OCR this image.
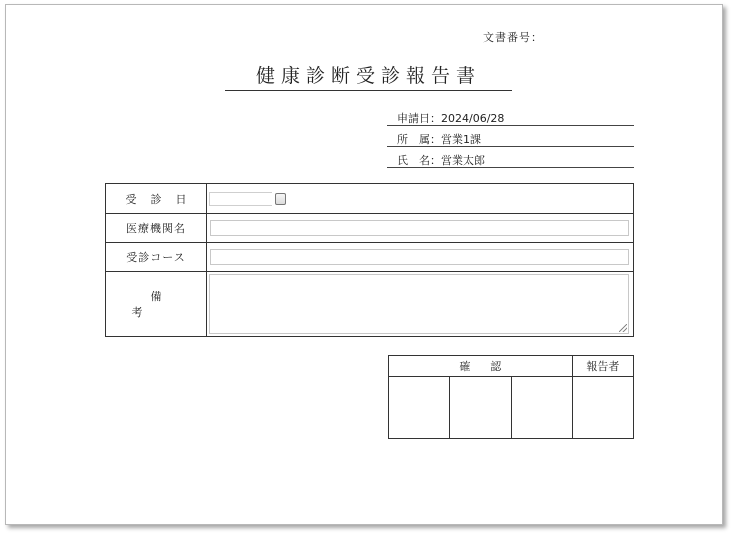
文書番号：
健康診断受診報告書
申請日：2024/06/28
所　属：営業1課
氏　名：営業太郎
受診日	
医療機関名	

受診コース	

備考	
確認			報告者
